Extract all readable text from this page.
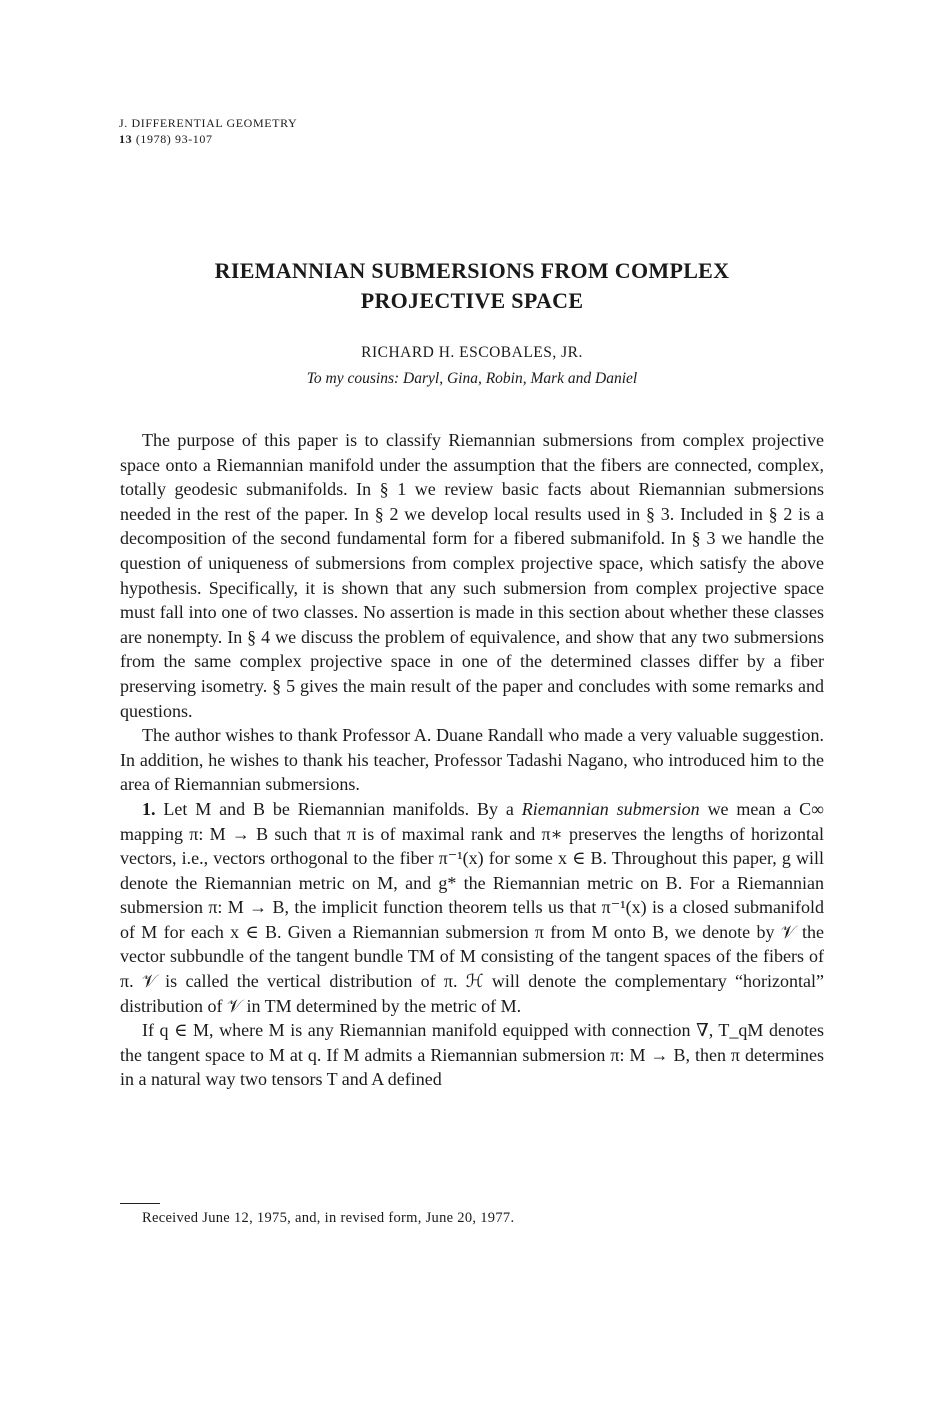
J. DIFFERENTIAL GEOMETRY
13 (1978) 93-107
RIEMANNIAN SUBMERSIONS FROM COMPLEX
PROJECTIVE SPACE
RICHARD H. ESCOBALES, JR.
To my cousins: Daryl, Gina, Robin, Mark and Daniel

The purpose of this paper is to classify Riemannian submersions from complex projective space onto a Riemannian manifold under the assumption that the fibers are connected, complex, totally geodesic submanifolds. In § 1 we review basic facts about Riemannian submersions needed in the rest of the paper. In § 2 we develop local results used in § 3. Included in § 2 is a decomposition of the second fundamental form for a fibered submanifold. In § 3 we handle the question of uniqueness of submersions from complex projective space, which satisfy the above hypothesis. Specifically, it is shown that any such submersion from complex projective space must fall into one of two classes. No assertion is made in this section about whether these classes are nonempty. In § 4 we discuss the problem of equivalence, and show that any two submersions from the same complex projective space in one of the determined classes differ by a fiber preserving isometry. § 5 gives the main result of the paper and concludes with some remarks and questions.

The author wishes to thank Professor A. Duane Randall who made a very valuable suggestion. In addition, he wishes to thank his teacher, Professor Tadashi Nagano, who introduced him to the area of Riemannian submersions.

1. Let M and B be Riemannian manifolds. By a Riemannian submersion we mean a C∞ mapping π: M → B such that π is of maximal rank and π∗ preserves the lengths of horizontal vectors, i.e., vectors orthogonal to the fiber π⁻¹(x) for some x ∈ B. Throughout this paper, g will denote the Riemannian metric on M, and g* the Riemannian metric on B. For a Riemannian submersion π: M → B, the implicit function theorem tells us that π⁻¹(x) is a closed submanifold of M for each x ∈ B. Given a Riemannian submersion π from M onto B, we denote by 𝒱 the vector subbundle of the tangent bundle TM of M consisting of the tangent spaces of the fibers of π. 𝒱 is called the vertical distribution of π. ℋ will denote the complementary “horizontal” distribution of 𝒱 in TM determined by the metric of M.

If q ∈ M, where M is any Riemannian manifold equipped with connection ∇, T_qM denotes the tangent space to M at q. If M admits a Riemannian submersion π: M → B, then π determines in a natural way two tensors T and A defined

Received June 12, 1975, and, in revised form, June 20, 1977.
